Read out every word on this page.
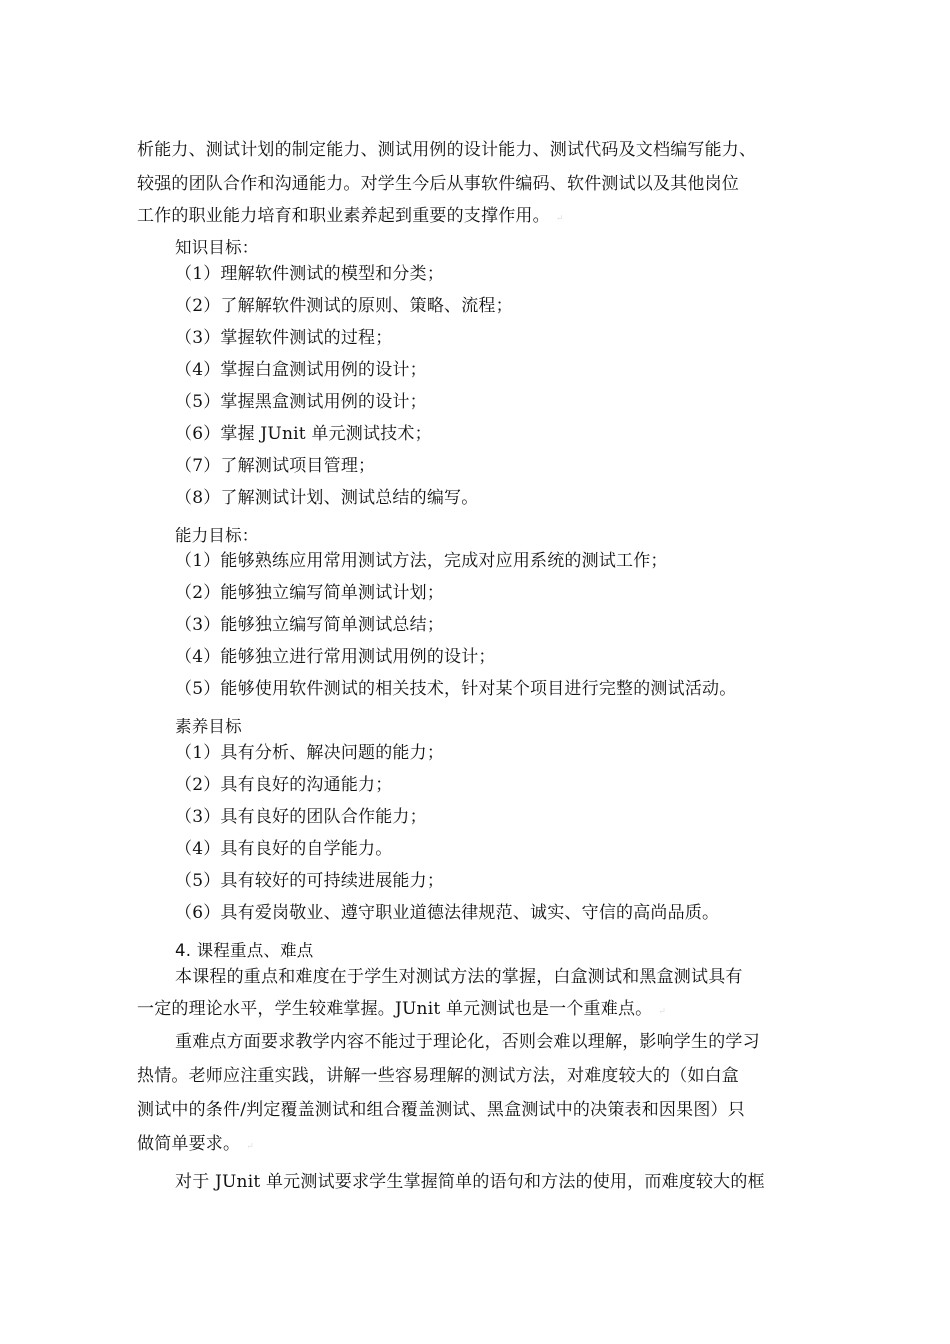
析能力、测试计划的制定能力、测试用例的设计能力、测试代码及文档编写能力、
较强的团队合作和沟通能力。对学生今后从事软件编码、软件测试以及其他岗位
工作的职业能力培育和职业素养起到重要的支撑作用。 ↵
知识目标：
（1）理解软件测试的模型和分类；
（2）了解解软件测试的原则、策略、流程；
（3）掌握软件测试的过程；
（4）掌握白盒测试用例的设计；
（5）掌握黑盒测试用例的设计；
（6）掌握 JUnit 单元测试技术；
（7）了解测试项目管理；
（8）了解测试计划、测试总结的编写。
能力目标：
（1）能够熟练应用常用测试方法，完成对应用系统的测试工作；
（2）能够独立编写简单测试计划；
（3）能够独立编写简单测试总结；
（4）能够独立进行常用测试用例的设计；
（5）能够使用软件测试的相关技术，针对某个项目进行完整的测试活动。
素养目标
（1）具有分析、解决问题的能力；
（2）具有良好的沟通能力；
（3）具有良好的团队合作能力；
（4）具有良好的自学能力。
（5）具有较好的可持续进展能力；
（6）具有爱岗敬业、遵守职业道德法律规范、诚实、守信的高尚品质。
4. 课程重点、难点
本课程的重点和难度在于学生对测试方法的掌握，白盒测试和黑盒测试具有
一定的理论水平，学生较难掌握。JUnit 单元测试也是一个重难点。 ↵
重难点方面要求教学内容不能过于理论化，否则会难以理解，影响学生的学习
热情。老师应注重实践，讲解一些容易理解的测试方法，对难度较大的（如白盒
测试中的条件/判定覆盖测试和组合覆盖测试、黑盒测试中的决策表和因果图）只
做简单要求。 ↵
对于 JUnit 单元测试要求学生掌握简单的语句和方法的使用，而难度较大的框
